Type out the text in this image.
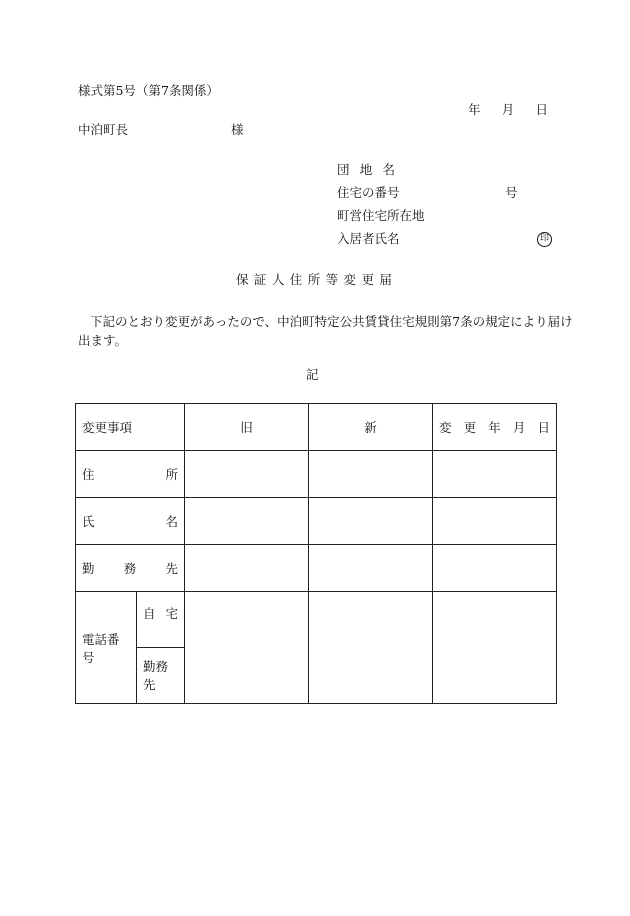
様式第5号（第7条関係）
年 月 日
中泊町長	様
団 地 名
住宅の番号	号
町営住宅所在地
入居者氏名	印
保 証 人 住 所 等 変 更 届
下記のとおり変更があったので、中泊町特定公共賃貸住宅規則第7条の規定により届け出ます。
記
変更事項		旧	新	変 更 年 月 日

住 所				

氏 名				

勤 務 先				

電話番号	自 宅			

	勤務先			
